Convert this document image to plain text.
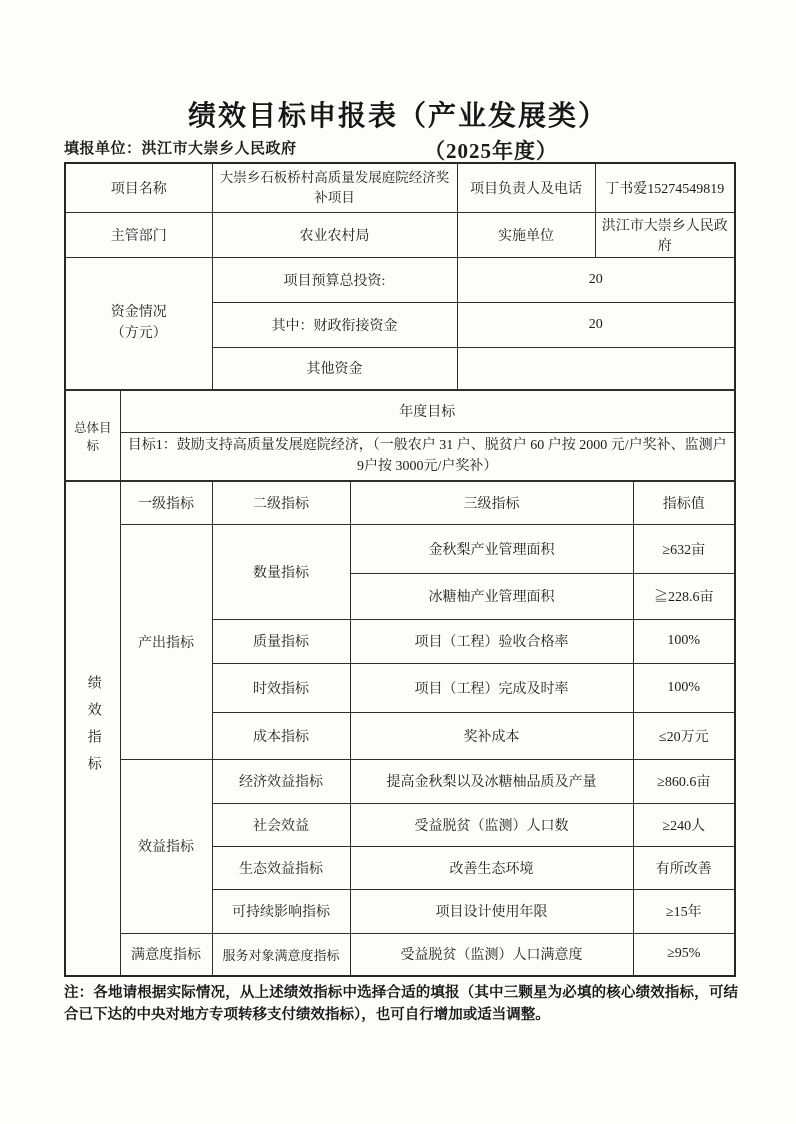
绩效目标申报表（产业发展类）
填报单位：洪江市大崇乡人民政府	（2025年度）
项目名称		大崇乡石板桥村高质量发展庭院经济奖补项目		项目负责人及电话	丁书爱15274549819	
主管部门		农业农村局		实施单位	洪江市大崇乡人民政府	

资金情况
（方元）		项目预算总投资:		20		
		其中：财政衔接资金		20		
		其他资金				
总体目标	年度目标					
	目标1：鼓励支持高质量发展庭院经济，（一般农户 31 户、脱贫户 60 户按 2000 元/户奖补、监测户 9户按 3000元/户奖补）					

绩效指标	一级指标	二级指标	三级指标			指标值
	产出指标	数量指标	金秋梨产业管理面积			≥632亩
			冰糖柚产业管理面积			≧228.6亩
		质量指标	项目（工程）验收合格率			100%
		时效指标	项目（工程）完成及时率			100%
		成本指标	奖补成本			≤20万元
	效益指标	经济效益指标	提高金秋梨以及冰糖柚品质及产量			≥860.6亩
		社会效益	受益脱贫（监测）人口数			≥240人
		生态效益指标	改善生态环境			有所改善
		可持续影响指标	项目设计使用年限			≥15年
	满意度指标	服务对象满意度指标	受益脱贫（监测）人口满意度			≥95%
注：各地请根据实际情况，从上述绩效指标中选择合适的填报（其中三颗星为必填的核心绩效指标，可结合已下达的中央对地方专项转移支付绩效指标），也可自行增加或适当调整。
